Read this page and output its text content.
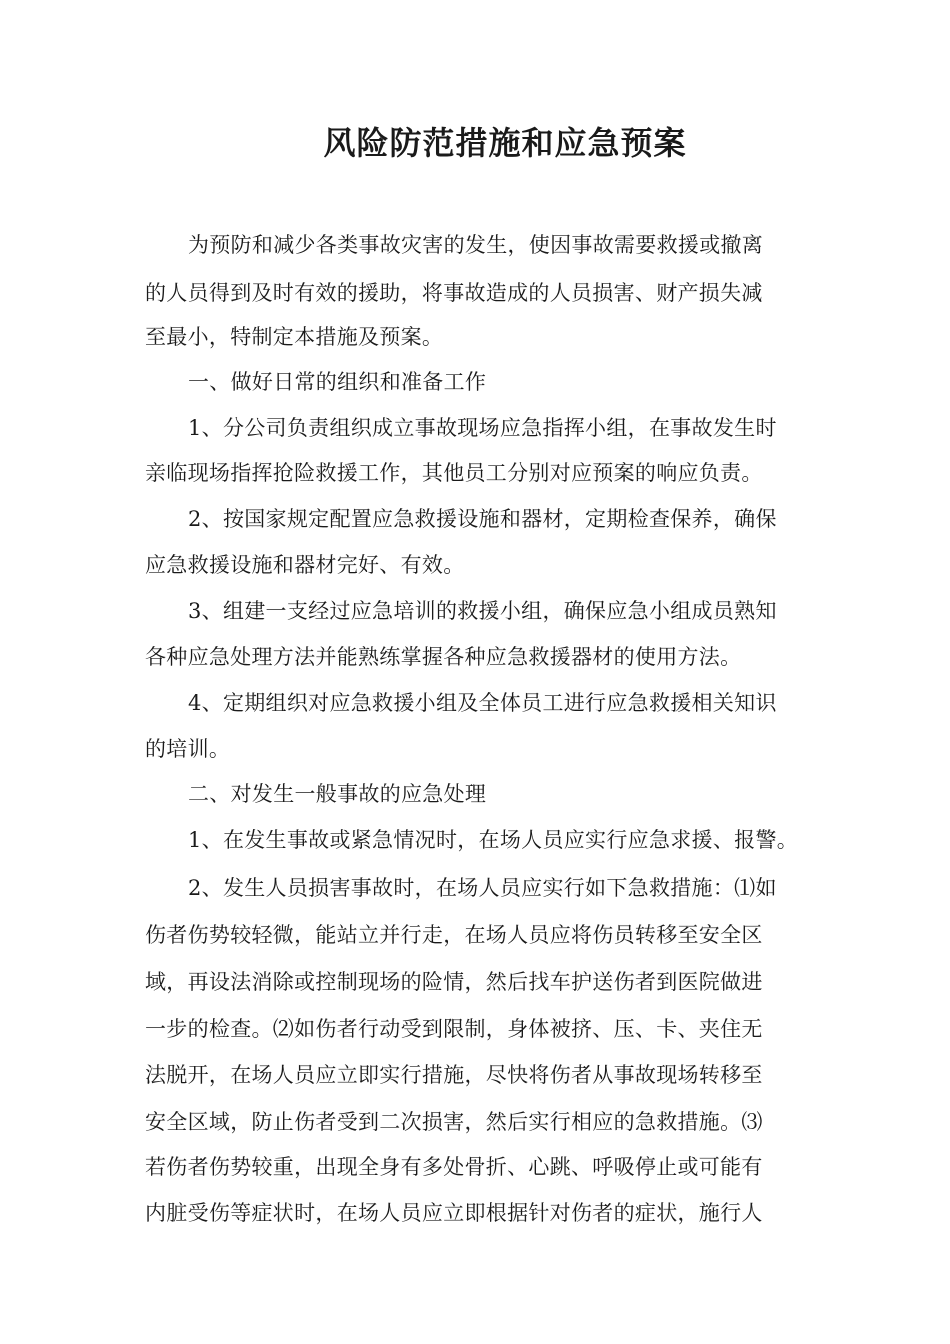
风险防范措施和应急预案
为预防和减少各类事故灾害的发生，使因事故需要救援或撤离
的人员得到及时有效的援助，将事故造成的人员损害、财产损失减
至最小，特制定本措施及预案。
一、做好日常的组织和准备工作
1、分公司负责组织成立事故现场应急指挥小组，在事故发生时
亲临现场指挥抢险救援工作，其他员工分别对应预案的响应负责。
2、按国家规定配置应急救援设施和器材，定期检查保养，确保
应急救援设施和器材完好、有效。
3、组建一支经过应急培训的救援小组，确保应急小组成员熟知
各种应急处理方法并能熟练掌握各种应急救援器材的使用方法。
4、定期组织对应急救援小组及全体员工进行应急救援相关知识
的培训。
二、对发生一般事故的应急处理
1、在发生事故或紧急情况时，在场人员应实行应急求援、报警。
2、发生人员损害事故时，在场人员应实行如下急救措施：⑴如
伤者伤势较轻微，能站立并行走，在场人员应将伤员转移至安全区
域，再设法消除或控制现场的险情，然后找车护送伤者到医院做进
一步的检查。⑵如伤者行动受到限制，身体被挤、压、卡、夹住无
法脱开，在场人员应立即实行措施，尽快将伤者从事故现场转移至
安全区域，防止伤者受到二次损害，然后实行相应的急救措施。⑶
若伤者伤势较重，出现全身有多处骨折、心跳、呼吸停止或可能有
内脏受伤等症状时，在场人员应立即根据针对伤者的症状，施行人
